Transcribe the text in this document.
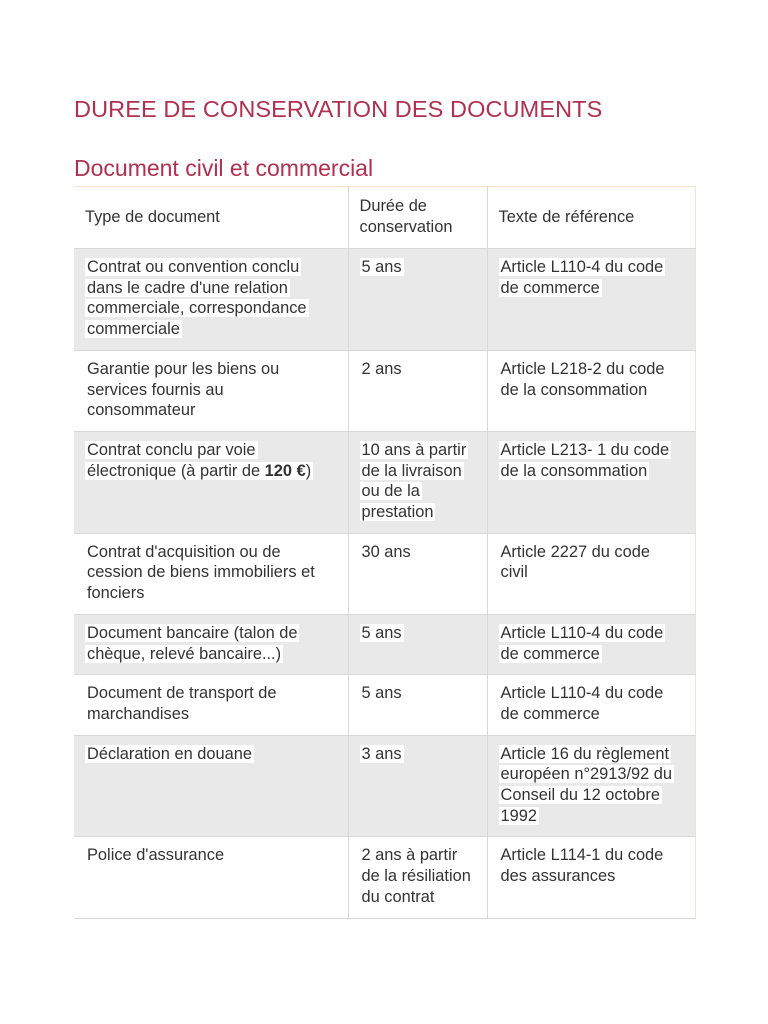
DUREE DE CONSERVATION DES DOCUMENTS
Document civil et commercial
Type de document	Durée de conservation	Texte de référence
Contrat ou convention conclu dans le cadre d'une relation commerciale, correspondance commerciale	5 ans	Article L110-4 du code de commerce
Garantie pour les biens ou services fournis au consommateur	2 ans	Article L218-2 du code de la consommation
Contrat conclu par voie électronique (à partir de 120 €)	10 ans à partir de la livraison ou de la prestation	Article L213- 1 du code de la consommation
Contrat d'acquisition ou de cession de biens immobiliers et fonciers	30 ans	Article 2227 du code civil
Document bancaire (talon de chèque, relevé bancaire...)	5 ans	Article L110-4 du code de commerce
Document de transport de marchandises	5 ans	Article L110-4 du code de commerce
Déclaration en douane	3 ans	Article 16 du règlement européen n°2913/92 du Conseil du 12 octobre 1992
Police d'assurance	2 ans à partir de la résiliation du contrat	Article L114-1 du code des assurances
